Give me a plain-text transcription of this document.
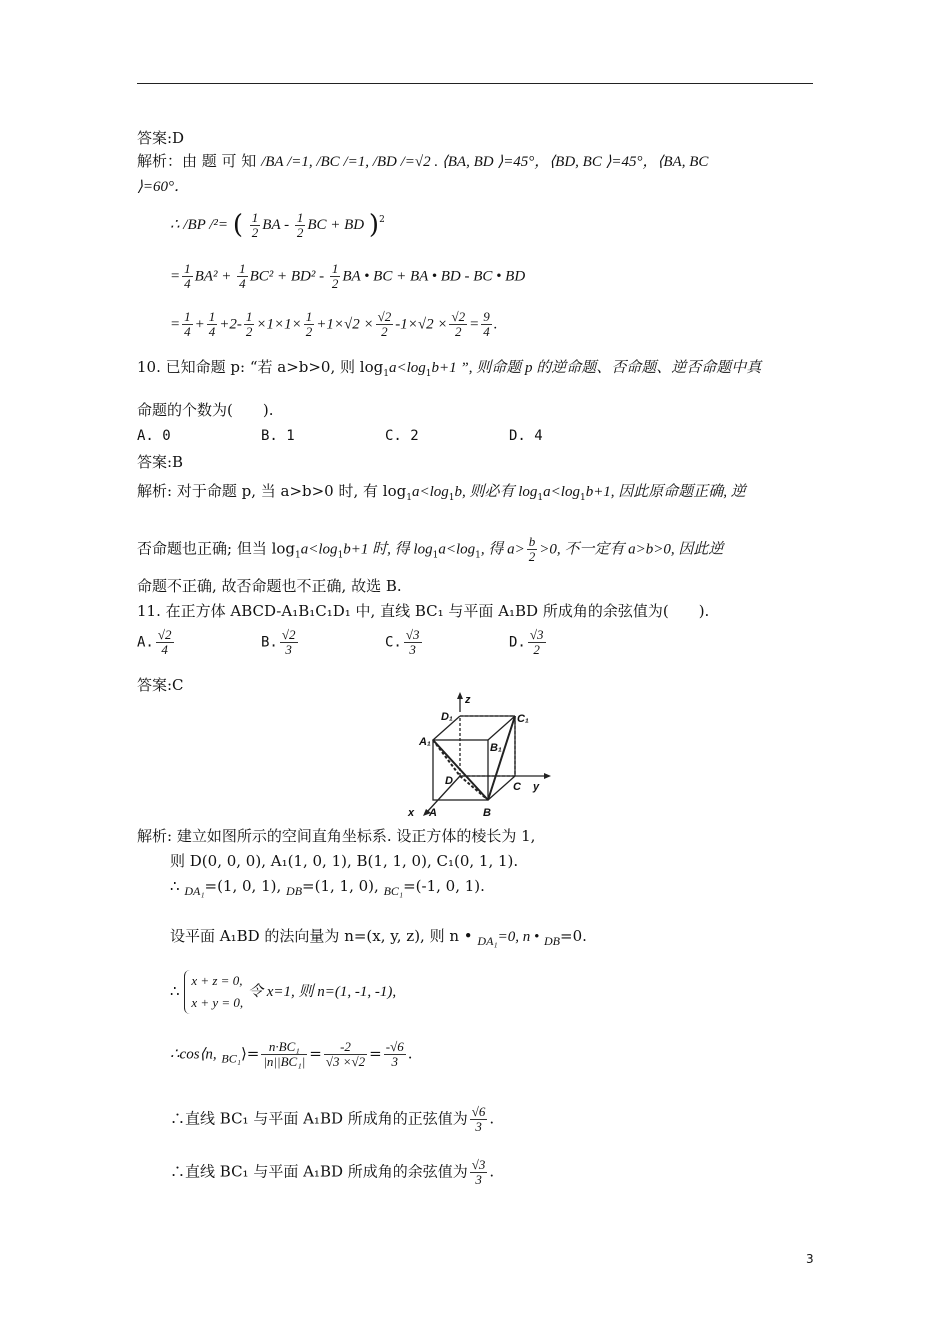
答案:D
解析：由 题 可 知 /BA /=1, /BC /=1, /BD /=√2 . ⟨BA, BD ⟩=45°，⟨BD, BC ⟩=45°，⟨BA, BC
⟩=60°．
∴ /BP /²= ( $\frac{1}{2}$ BA - $\frac{1}{2}$ BC + BD )$^2$
= $\frac{1}{4} BA^2 + \frac{1}{4} BC^2 + BD^2 - \frac{1}{2}$ BA • BC + BA • BD - BC • BD
= $\frac{1}{4} + \frac{1}{4} +2- \frac{1}{2} \times 1\times 1\times \frac{1}{2} +1\times√2 \times \frac{√2}{2} -1\times√2 \times \frac{√2}{2} = \frac{9}{4}$ .
10. 已知命题 p: “若 a>b>0, 则 $\log_1a<\log_1b+1$ ”, 则命题 p 的逆命题、否命题、逆否命题中真
命题的个数为(　　).
A. 0	B. 1	C. 2	D. 4
答案:B
解析: 对于命题 p, 当 a>b>0 时, 有 $\log_1a<\log_1b$, 则必有 $\log_1a<\log_1b+1$, 因此原命题正确, 逆
否命题也正确; 但当 $\log_1a<\log_1b+1$ 时, 得 $\log_1a<\log_1$, 得 $a> \frac{b}{2} >0$, 不一定有 a>b>0, 因此逆
命题不正确, 故否命题也不正确, 故选 B.
11. 在正方体 ABCD-A₁B₁C₁D₁ 中, 直线 BC₁ 与平面 A₁BD 所成角的余弦值为(　　).
A. $\frac{√2}{4}$	B. $\frac{√2}{3}$	C. $\frac{√3}{3}$	D. $\frac{√3}{2}$
答案:C
z
D₁	C₁
A₁	B₁
D	C y
x A	B
解析: 建立如图所示的空间直角坐标系. 设正方体的棱长为 1,
则 D(0, 0, 0), A₁(1, 0, 1), B(1, 1, 0), C₁(0, 1, 1).
∴ $_{DA_1}$=(1, 0, 1), $_{DB}$=(1, 1, 0), $_{BC_1}$=(-1, 0, 1).
设平面 A₁BD 的法向量为 n=(x, y, z), 则 n • $_{DA_1}$=0, n • $_{DB}$=0.
∴
x + z = 0,
x + y = 0,
令 x=1, 则 n=(1, -1, -1),
∴cos⟨n, $_{BC_1}$⟩= $\frac{\text{n·BC₁}}{\text{|n||BC₁|}} = \frac{-2}{√3 \times√2} = \frac{-√6}{3}$ .
∴直线 BC₁ 与平面 A₁BD 所成角的正弦值为 $\frac{√6}{3}$ .
∴直线 BC₁ 与平面 A₁BD 所成角的余弦值为 $\frac{√3}{3}$ .
3
